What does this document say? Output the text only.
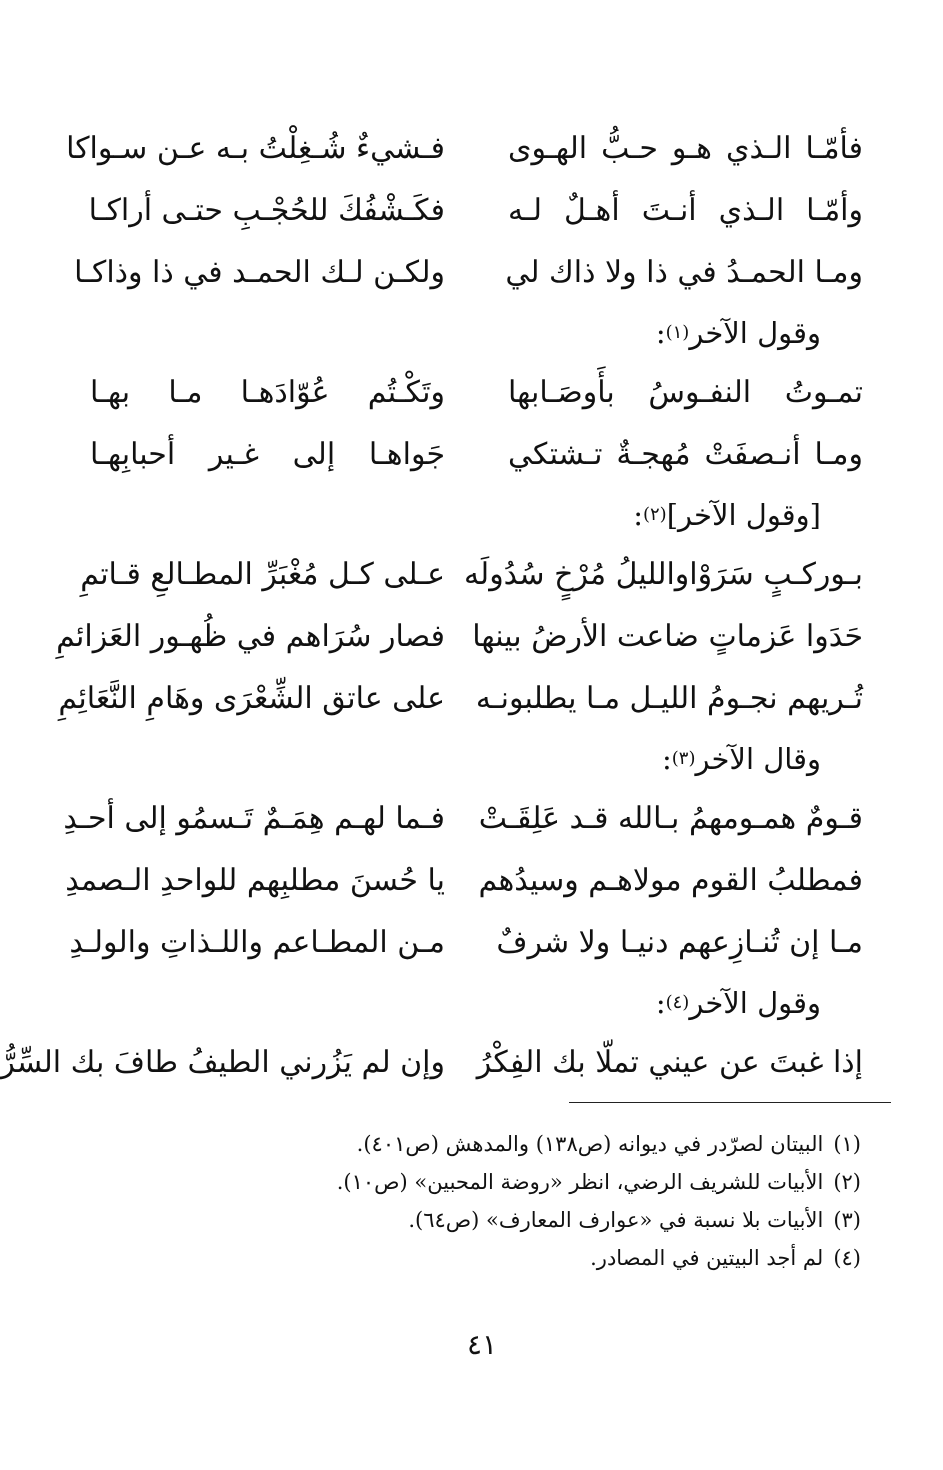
فأمّـا الـذي هـو حـبُّ الهـوى
فـشيءٌ شُـغِلْتُ بـه عـن سـواكا
وأمّـا الـذي أنـتَ أهـلٌ لـه
فكَـشْفُكَ للحُجْـبِ حتـى أراكـا
ومـا الحمـدُ في ذا ولا ذاك لي
ولكـن لـك الحمـد في ذا وذاكـا
وقول الآخر
(١)
:
تمـوتُ النفـوسُ بأَوصَـابها
وتَكْـتُم عُوّادَهـا مـا بهـا
ومـا أنـصفَتْ مُهجـةٌ تـشتكي
جَواهـا إلى غـير أحبابِهـا
[وقول الآخر]
(٢)
:
بـوركـبٍ سَرَوْاوالليلُ مُرْخٍ سُدُولَه
عـلى كـل مُغْبَرِّ المطـالعِ قـاتمِ
حَدَوا عَزماتٍ ضاعت الأرضُ بينها
فصار سُرَاهم في ظُهـور العَزائمِ
تُـريهم نجـومُ الليـل مـا يطلبونـه
على عاتق الشِّعْرَى وهَامِ النَّعَائِمِ
وقال الآخر
(٣)
:
قـومٌ همـومهمُ بـالله قـد عَلِقَـتْ
فـما لهـم هِمَـمٌ تَـسمُو إلى أحـدِ
فمطلبُ القوم مولاهـم وسيدُهم
يا حُسنَ مطلبِهم للواحدِ الـصمدِ
مـا إن تُنـازِعهم دنيـا ولا شرفٌ
مـن المطـاعم واللـذاتِ والولـدِ
وقول الآخر
(٤)
:
إذا غبتَ عن عيني تملّا بك الفِكْرُ
وإن لم يَزُرني الطيفُ طافَ بك السِّرُّ
(١)البيتان لصرّدر في ديوانه (ص١٣٨) والمدهش (ص٤٠١).
(٢)الأبيات للشريف الرضي، انظر «روضة المحبين» (ص١٠).
(٣)الأبيات بلا نسبة في «عوارف المعارف» (ص٦٤).
(٤)لم أجد البيتين في المصادر.
٤١
